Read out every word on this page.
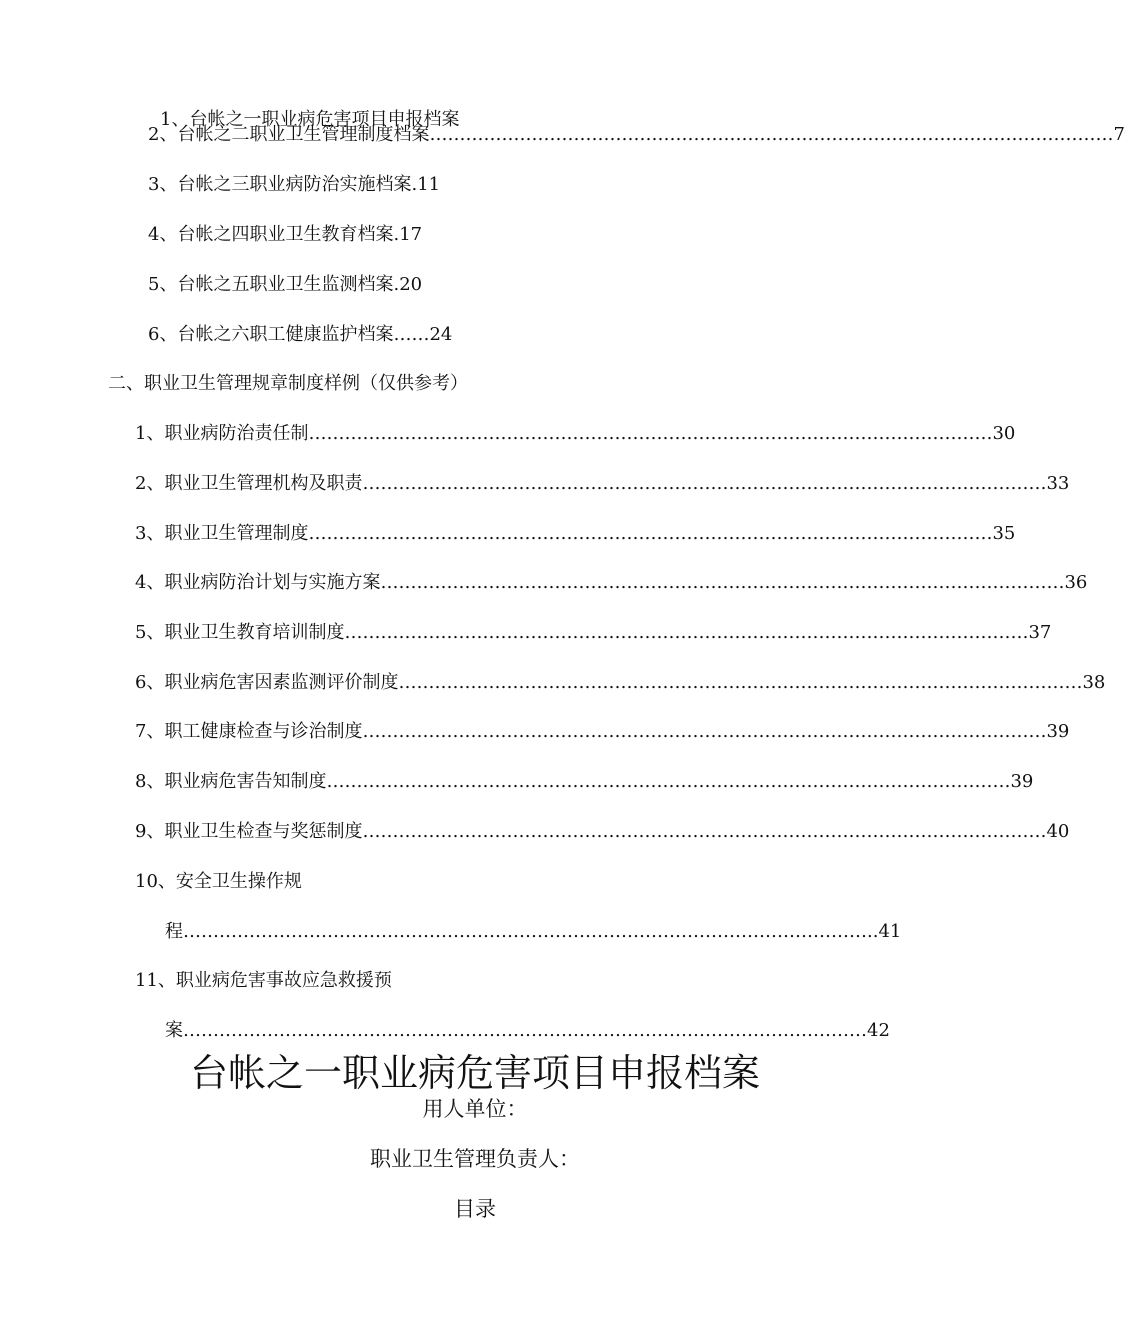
1、台帐之一职业病危害项目申报档案
2、台帐之二职业卫生管理制度档案 …………………………………………………………………………………………………… 7
3、台帐之三职业病防治实施档案.11
4、台帐之四职业卫生教育档案.17
5、台帐之五职业卫生监测档案.20
6、台帐之六职工健康监护档案……24
二、职业卫生管理规章制度样例（仅供参考）
1、职业病防治责任制 …………………………………………………………………………………………………… 30
2、职业卫生管理机构及职责 …………………………………………………………………………………………………… 33
3、职业卫生管理制度 …………………………………………………………………………………………………… 35
4、职业病防治计划与实施方案 …………………………………………………………………………………………………… 36
5、职业卫生教育培训制度 …………………………………………………………………………………………………… 37
6、职业病危害因素监测评价制度 …………………………………………………………………………………………………… 38
7、职工健康检查与诊治制度 …………………………………………………………………………………………………… 39
8、职业病危害告知制度 …………………………………………………………………………………………………… 39
9、职业卫生检查与奖惩制度 …………………………………………………………………………………………………… 40
10、安全卫生操作规
程 …………………………………………………………………………………………………… .. 41
11、职业病危害事故应急救援预
案 …………………………………………………………………………………………………… 42
台帐之一职业病危害项目申报档案
用人单位：
职业卫生管理负责人：
目录
